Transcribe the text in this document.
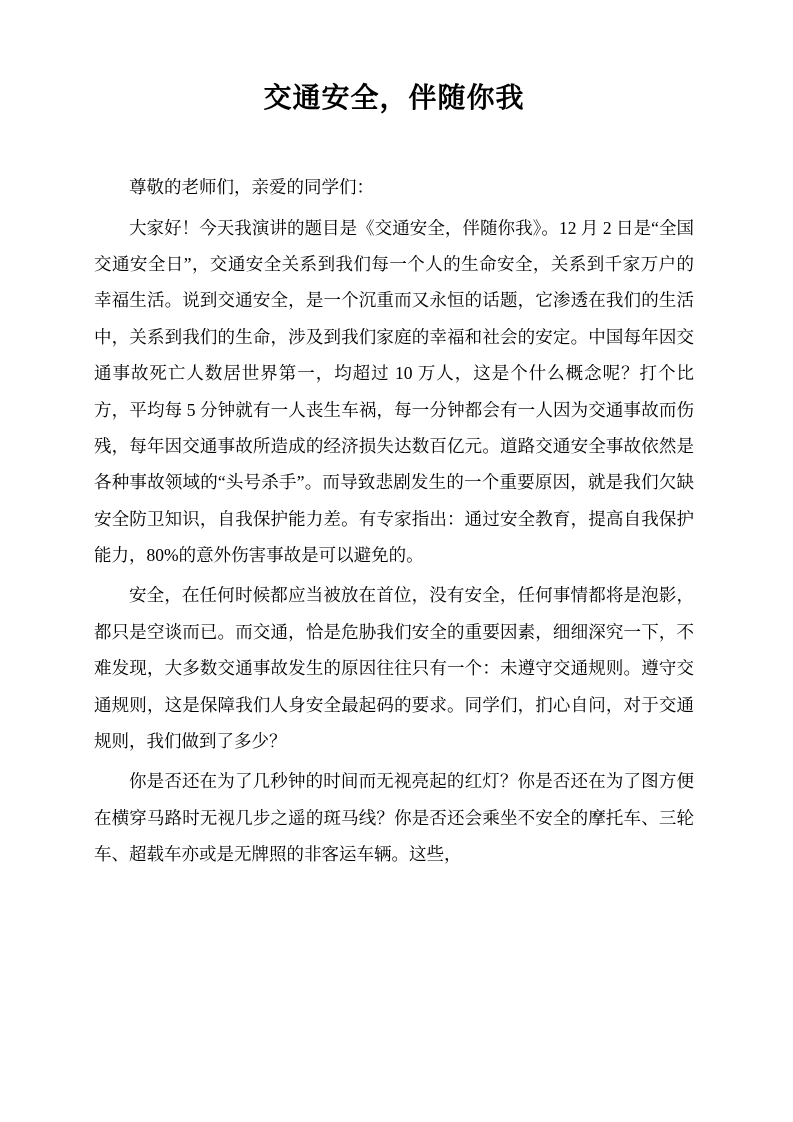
交通安全，伴随你我

尊敬的老师们，亲爱的同学们：

大家好！今天我演讲的题目是《交通安全，伴随你我》。12 月 2 日是“全国交通安全日”，交通安全关系到我们每一个人的生命安全，关系到千家万户的幸福生活。说到交通安全，是一个沉重而又永恒的话题，它渗透在我们的生活中，关系到我们的生命，涉及到我们家庭的幸福和社会的安定。中国每年因交通事故死亡人数居世界第一，均超过 10 万人，这是个什么概念呢？打个比方，平均每 5 分钟就有一人丧生车祸，每一分钟都会有一人因为交通事故而伤残，每年因交通事故所造成的经济损失达数百亿元。道路交通安全事故依然是各种事故领域的“头号杀手”。而导致悲剧发生的一个重要原因，就是我们欠缺安全防卫知识，自我保护能力差。有专家指出：通过安全教育，提高自我保护能力，80%的意外伤害事故是可以避免的。

安全，在任何时候都应当被放在首位，没有安全，任何事情都将是泡影，都只是空谈而已。而交通，恰是危胁我们安全的重要因素，细细深究一下，不难发现，大多数交通事故发生的原因往往只有一个：未遵守交通规则。遵守交通规则，这是保障我们人身安全最起码的要求。同学们，扪心自问，对于交通规则，我们做到了多少？

你是否还在为了几秒钟的时间而无视亮起的红灯？你是否还在为了图方便在横穿马路时无视几步之遥的斑马线？你是否还会乘坐不安全的摩托车、三轮车、超载车亦或是无牌照的非客运车辆。这些，
